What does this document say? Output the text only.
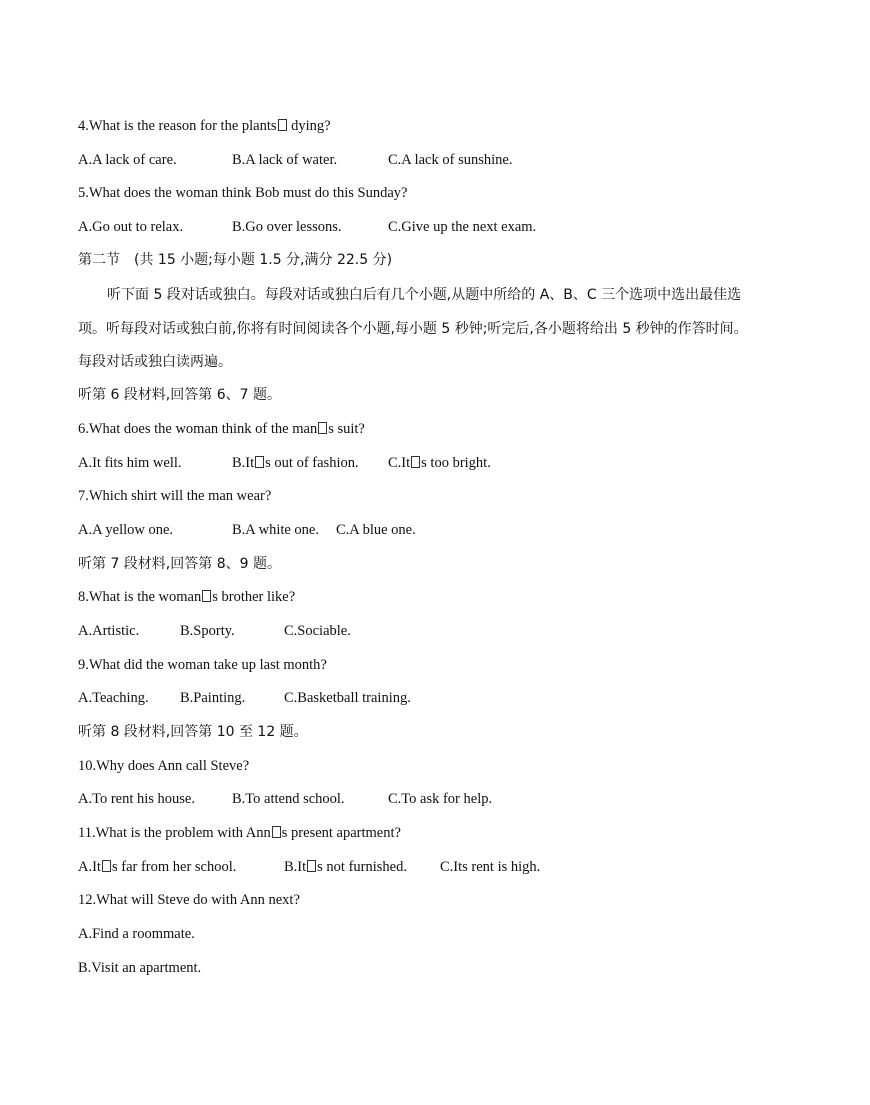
4.What is the reason for the plants dying?
A.A lack of care.	B.A lack of water.	C.A lack of sunshine.
5.What does the woman think Bob must do this Sunday?
A.Go out to relax.	B.Go over lessons.	C.Give up the next exam.
第二节　(共 15 小题;每小题 1.5 分,满分 22.5 分)
听下面 5 段对话或独白。每段对话或独白后有几个小题,从题中所给的 A、B、C 三个选项中选出最佳选
项。听每段对话或独白前,你将有时间阅读各个小题,每小题 5 秒钟;听完后,各小题将给出 5 秒钟的作答时间。
每段对话或独白读两遍。
听第 6 段材料,回答第 6、7 题。
6.What does the woman think of the man s suit?
A.It fits him well.	B.It s out of fashion. C.It s too bright.
7.Which shirt will the man wear?
A.A yellow one.	B.A white one. C.A blue one.
听第 7 段材料,回答第 8、9 题。
8.What is the woman s brother like?
A.Artistic.	B.Sporty.	C.Sociable.
9.What did the woman take up last month?
A.Teaching. B.Painting.	C.Basketball training.
听第 8 段材料,回答第 10 至 12 题。
10.Why does Ann call Steve?
A.To rent his house.	B.To attend school.	C.To ask for help.
11.What is the problem with Ann s present apartment?
A.It s far from her school.	B.It s not furnished. C.Its rent is high.
12.What will Steve do with Ann next?
A.Find a roommate.
B.Visit an apartment.
